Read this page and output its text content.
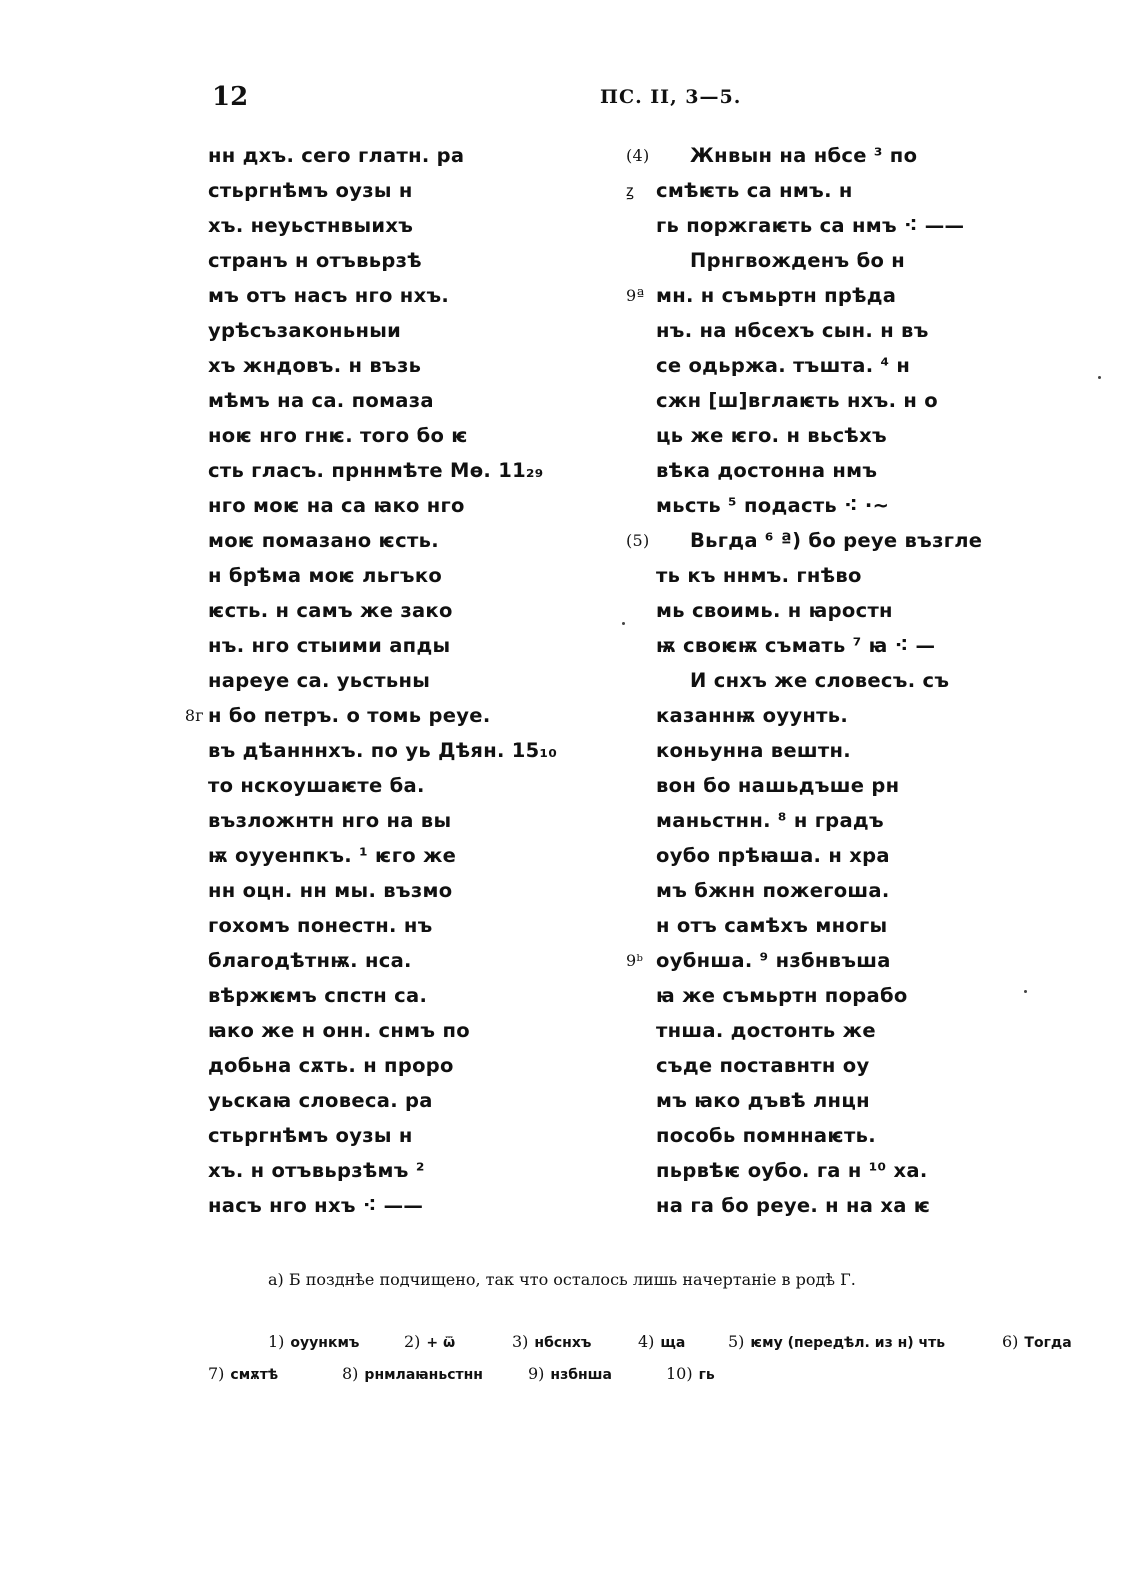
12	ПС. II, 3—5.
нн дхъ. сего глатн. ра
стьргнѣмъ оузы н
хъ. неуьстнвыихъ
странъ н отъвьрзѣ
мъ отъ насъ нго нхъ.
урѣсъзаконьныи
хъ жндовъ. н възь
мѣмъ на са. помаза
ноѥ нго гнѥ. того бо ѥ
сть гласъ. прннмѣте Мѳ. 11₂₉
нго моѥ на са ꙗко нго
моѥ помазано ѥсть.
н брѣма моѥ льгъко
ѥсть. н самъ же зако
нъ. нго стыими апды
нареуе са. уьстьны
8ᴦ н бо петръ. о томь реуе.
въ дѣанннхъ. по уь Дѣян. 15₁₀
то нскоушаѥте ба.
възложнтн нго на вы
ѭ оууенпкъ. ¹ ѥго же
нн оцн. нн мы. възмо
гохомъ понестн. нъ
благодѣтнѭ. нса.
вѣржѥмъ спстн са.
ꙗко же н онн. снмъ по
добьна сѫть. н проро
уьскаꙗ словеса. ра
стьргнѣмъ оузы н
хъ. н отъвьрзѣмъ ²
насъ нго нхъ ⁖ ——
(4)	Жнвын на нбсе ³ по
ꙁ	смѣѥть са нмъ. н
гь поржгаѥть са нмъ ⁖ ——
Прнгвожденъ бо н
9ª мн. н съмьртн прѣда
нъ. на нбсехъ сын. н въ
се одьржа. тъшта. ⁴ н
сжн [ш]вглаѥть нхъ. н о
ць же ѥго. н вьсѣхъ
вѣка достонна нмъ
мьсть ⁵ подасть ⁖ ·~
(5)	Вьгда ⁶ ª) бо реуе възгле
ть къ ннмъ. гнѣво
мь своимь. н ꙗростн
ѭ своѥѭ съмать ⁷ ꙗ ⁖ —
И снхъ же словесъ. съ
казаннѭ оуунть.
коньунна вештн.
вон бо нашьдъше рн
маньстнн. ⁸ н градъ
оубо прѣꙗша. н хра
мъ бжнн пожегоша.
н отъ самѣхъ многы
9ᵇ оубнша. ⁹ нзбнвъша
ꙗ же съмьртн порабо
тнша. достонть же
съде поставнтн оу
мъ ꙗко дъвѣ лнцн
пособь помннаѥть.
пьрвѣѥ оубо. га н ¹⁰ ха.
на га бо реуе. н на ха ѥ
а) Б позднѣе подчищено, так что осталось лишь начертаніе в родѣ Г.
1) оуункмъ	2) + ѿ	3) нбснхъ	4) ща	5) ѥму (передѣл. из н) чть	6) Тогда
7) смѫтѣ	8) рнмлаꙗньстнн	9) нзбнша	10) гь
